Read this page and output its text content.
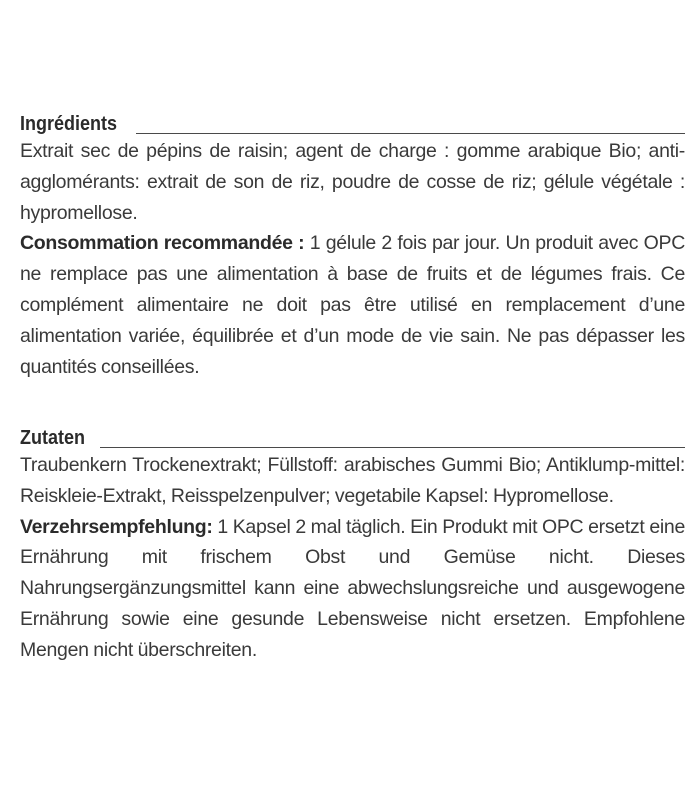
Ingrédients

Extrait sec de pépins de raisin; agent de charge : gomme arabique Bio; anti-agglomérants: extrait de son de riz, poudre de cosse de riz; gélule végétale : hypromellose.
Consommation recommandée : 1 gélule 2 fois par jour. Un produit avec OPC ne remplace pas une alimentation à base de fruits et de légumes frais. Ce complément alimentaire ne doit pas être utilisé en remplacement d’une alimentation variée, équilibrée et d’un mode de vie sain. Ne pas dépasser les quantités conseillées.

Zutaten

Traubenkern Trockenextrakt; Füllstoff: arabisches Gummi Bio; Antiklump-mittel: Reiskleie-Extrakt, Reisspelzenpulver; vegetabile Kapsel: Hypromellose.
Verzehrsempfehlung: 1 Kapsel 2 mal täglich. Ein Produkt mit OPC ersetzt eine Ernährung mit frischem Obst und Gemüse nicht. Dieses Nahrungsergänzungsmittel kann eine abwechslungsreiche und ausgewogene Ernährung sowie eine gesunde Lebensweise nicht ersetzen. Empfohlene Mengen nicht überschreiten.
